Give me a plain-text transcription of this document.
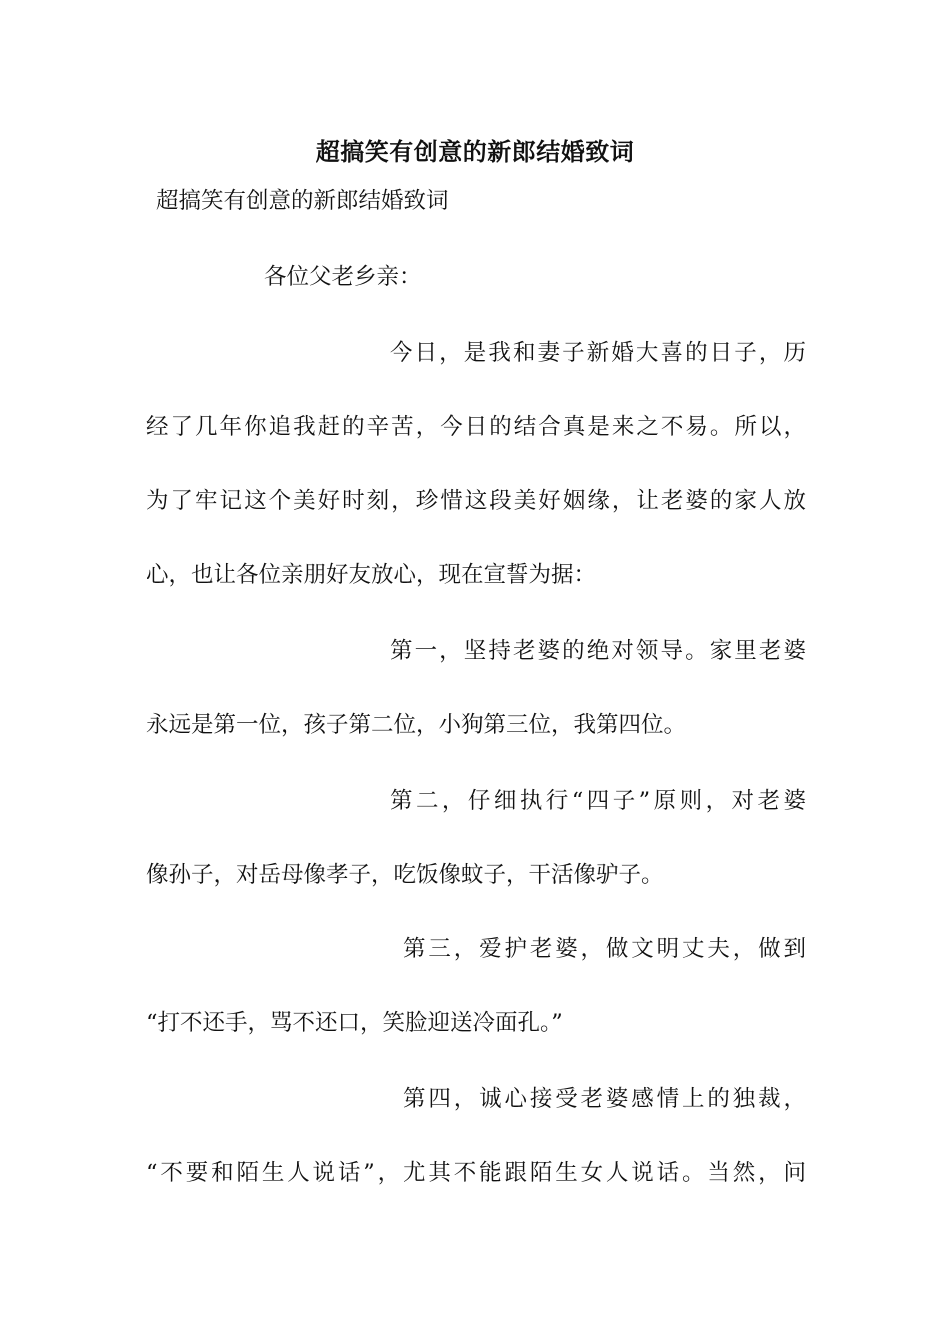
超搞笑有创意的新郎结婚致词
超搞笑有创意的新郎结婚致词
各位父老乡亲：
今日，是我和妻子新婚大喜的日子，历
经了几年你追我赶的辛苦，今日的结合真是来之不易。所以，
为了牢记这个美好时刻，珍惜这段美好姻缘，让老婆的家人放
心，也让各位亲朋好友放心，现在宣誓为据：
第一，坚持老婆的绝对领导。家里老婆
永远是第一位，孩子第二位，小狗第三位，我第四位。
第二，仔细执行“四子”原则，对老婆
像孙子，对岳母像孝子，吃饭像蚊子，干活像驴子。
第三，爱护老婆，做文明丈夫，做到
“打不还手，骂不还口，笑脸迎送冷面孔。”
第四，诚心接受老婆感情上的独裁，
“不要和陌生人说话”，尤其不能跟陌生女人说话。当然，问
